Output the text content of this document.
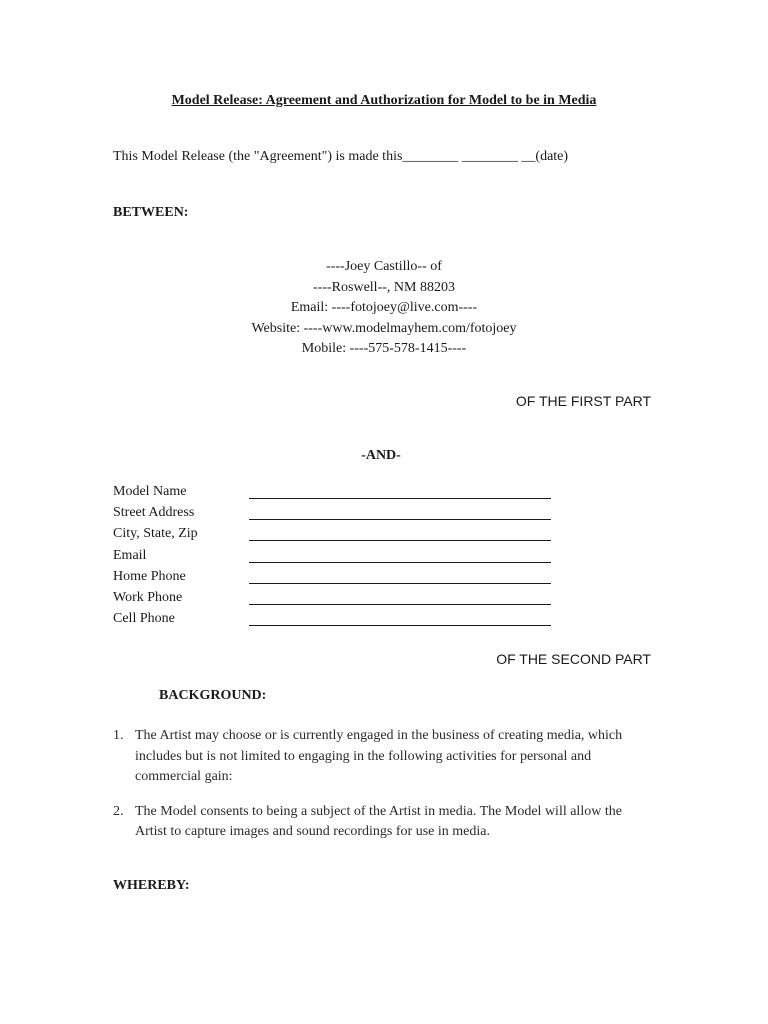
Model Release: Agreement and Authorization for Model to be in Media
This Model Release (the "Agreement") is made this________ ________ __(date)
BETWEEN:
----Joey Castillo-- of
----Roswell--, NM 88203
Email: ----fotojoey@live.com----
Website: ----www.modelmayhem.com/fotojoey
Mobile: ----575-578-1415----
OF THE FIRST PART
-AND-
Model Name
Street Address
City, State, Zip
Email
Home Phone
Work Phone
Cell Phone
OF THE SECOND PART
BACKGROUND:
1. The Artist may choose or is currently engaged in the business of creating media, which includes but is not limited to engaging in the following activities for personal and commercial gain:
2. The Model consents to being a subject of the Artist in media. The Model will allow the Artist to capture images and sound recordings for use in media.
WHEREBY:
